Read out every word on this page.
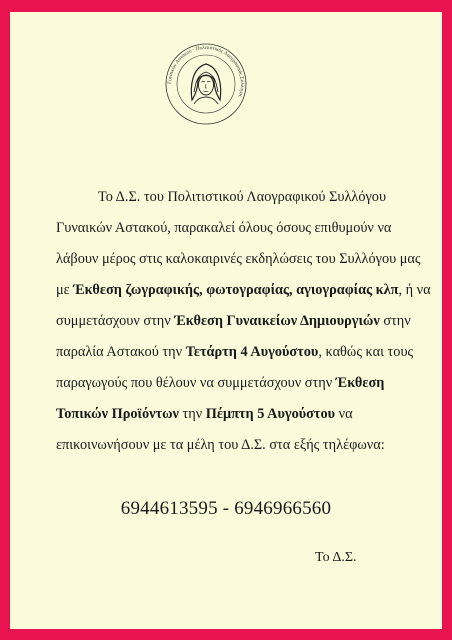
Γυναικών Αστακού · Πολιτιστικός Λαογραφικός Σύλλογος
Το Δ.Σ. του Πολιτιστικού Λαογραφικού Συλλόγου
Γυναικών Αστακού, παρακαλεί όλους όσους επιθυμούν να
λάβουν μέρος στις καλοκαιρινές εκδηλώσεις του Συλλόγου μας
με Έκθεση ζωγραφικής, φωτογραφίας, αγιογραφίας κλπ, ή να
συμμετάσχουν στην Έκθεση Γυναικείων Δημιουργιών στην
παραλία Αστακού την Τετάρτη 4 Αυγούστου, καθώς και τους
παραγωγούς που θέλουν να συμμετάσχουν στην Έκθεση
Τοπικών Προϊόντων την Πέμπτη 5 Αυγούστου να
επικοινωνήσουν με τα μέλη του Δ.Σ. στα εξής τηλέφωνα:
6944613595 - 6946966560
Το Δ.Σ.
